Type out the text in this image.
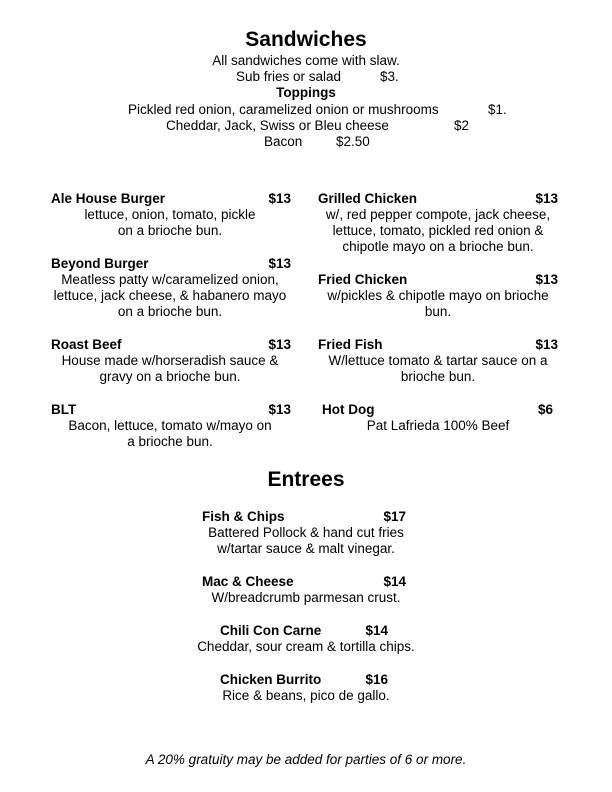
Sandwiches
All sandwiches come with slaw.
Sub fries or salad	$3.
Toppings
Pickled red onion, caramelized onion or mushrooms	$1.
Cheddar, Jack, Swiss or Bleu cheese	$2
Bacon $2.50
Ale House Burger	$13
lettuce, onion, tomato, pickle
on a brioche bun.
Beyond Burger	$13
Meatless patty w/caramelized onion,
lettuce, jack cheese, & habanero mayo
on a brioche bun.
Roast Beef	$13
House made w/horseradish sauce &
gravy on a brioche bun.
BLT	$13
Bacon, lettuce, tomato w/mayo on
a brioche bun.
Grilled Chicken	$13
w/, red pepper compote, jack cheese,
lettuce, tomato, pickled red onion &
chipotle mayo on a brioche bun.
Fried Chicken	$13
w/pickles & chipotle mayo on brioche
bun.
Fried Fish	$13
W/lettuce tomato & tartar sauce on a
brioche bun.
Hot Dog	$6
Pat Lafrieda 100% Beef
Entrees
Fish & Chips	$17
Battered Pollock & hand cut fries
w/tartar sauce & malt vinegar.
Mac & Cheese	$14
W/breadcrumb parmesan crust.
Chili Con Carne	$14
Cheddar, sour cream & tortilla chips.
Chicken Burrito	$16
Rice & beans, pico de gallo.
A 20% gratuity may be added for parties of 6 or more.
